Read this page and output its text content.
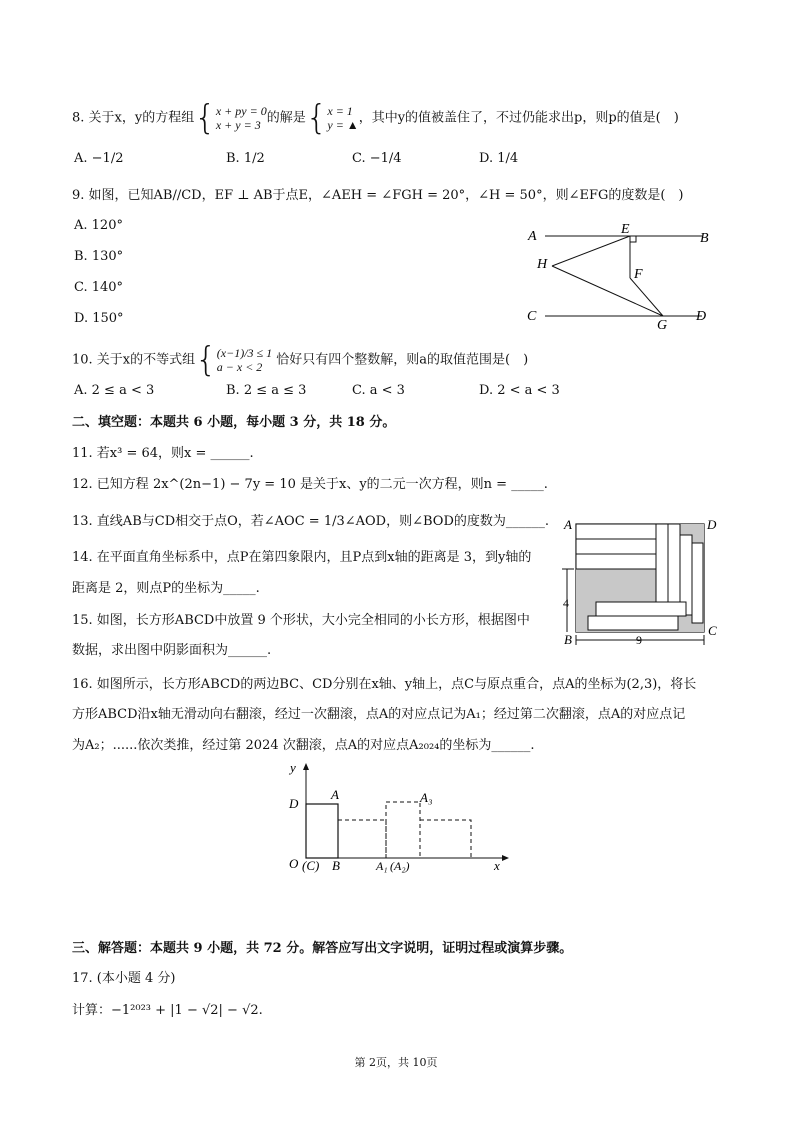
8. 关于x，y的方程组{ x + py = 0
x + y = 3 的解是{ x = 1
y = ▲ ，其中y的值被盖住了，不过仍能求出p，则p的值是(　)
A. −1/2	B. 1/2	C. −1/4	D. 1/4
9. 如图，已知AB//CD，EF ⊥ AB于点E，∠AEH = ∠FGH = 20°，∠H = 50°，则∠EFG的度数是(　)
A. 120°
B. 130°
C. 140°
D. 150°
A	E
B
H
F
C
G
D
10. 关于x的不等式组{ (x−1)/3 ≤ 1
a − x < 2	恰好只有四个整数解，则a的取值范围是(　)
A. 2 ≤ a < 3	B. 2 ≤ a ≤ 3	C. a < 3	D. 2 < a < 3
二、填空题：本题共 6 小题，每小题 3 分，共 18 分。
11. 若x³ = 64，则x = ______.
12. 已知方程 2x^(2n−1) − 7y = 10 是关于x、y的二元一次方程，则n = _____.
13. 直线AB与CD相交于点O，若∠AOC = 1/3∠AOD，则∠BOD的度数为______.
14. 在平面直角坐标系中，点P在第四象限内，且P点到x轴的距离是 3，到y轴的
距离是 2，则点P的坐标为_____.
15. 如图，长方形ABCD中放置 9 个形状，大小完全相同的小长方形，根据图中
数据，求出图中阴影面积为______.
A	D
B
C
4
9
16. 如图所示，长方形ABCD的两边BC、CD分别在x轴、y轴上，点C与原点重合，点A的坐标为(2,3)，将长
方形ABCD沿x轴无滑动向右翻滚，经过一次翻滚，点A的对应点记为A₁；经过第二次翻滚，点A的对应点记
为A₂；......依次类推，经过第 2024 次翻滚，点A的对应点A₂₀₂₄的坐标为______.
y
D
A	A₃
O (C) B	A₁ (A₂)	x
三、解答题：本题共 9 小题，共 72 分。解答应写出文字说明，证明过程或演算步骤。
17. (本小题 4 分)
计算：−1²⁰²³ + |1 − √2| − √2.
第 2页，共 10页
